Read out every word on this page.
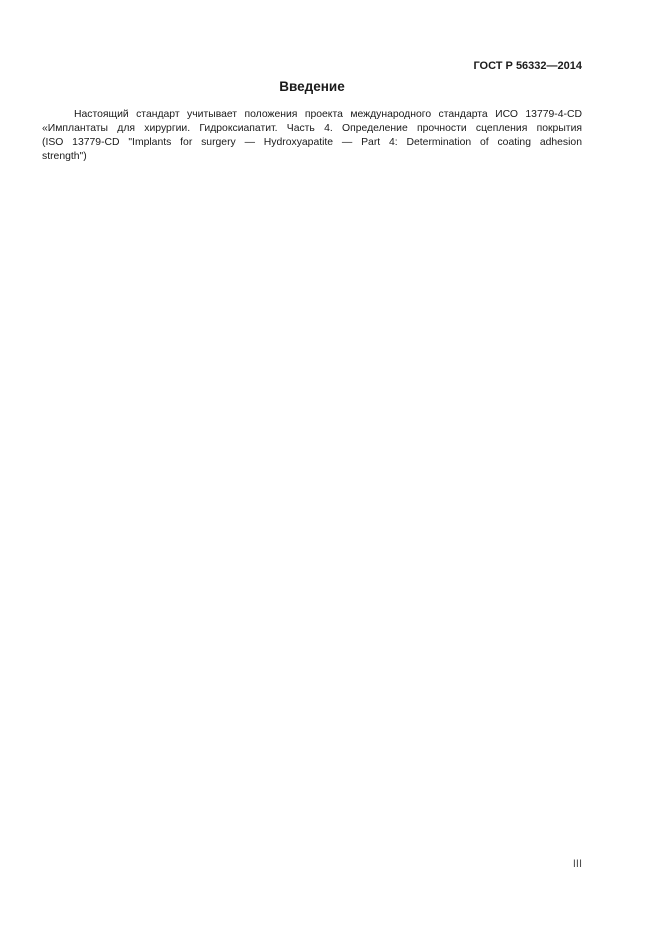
ГОСТ Р 56332—2014
Введение

Настоящий стандарт учитывает положения проекта международного стандарта ИСО 13779-4-CD
«Имплантаты для хирургии. Гидроксиапатит. Часть 4. Определение прочности сцепления покрытия
(ISO 13779-CD "Implants for surgery — Hydroxyapatite — Part 4: Determination of coating adhesion
strength")

III
